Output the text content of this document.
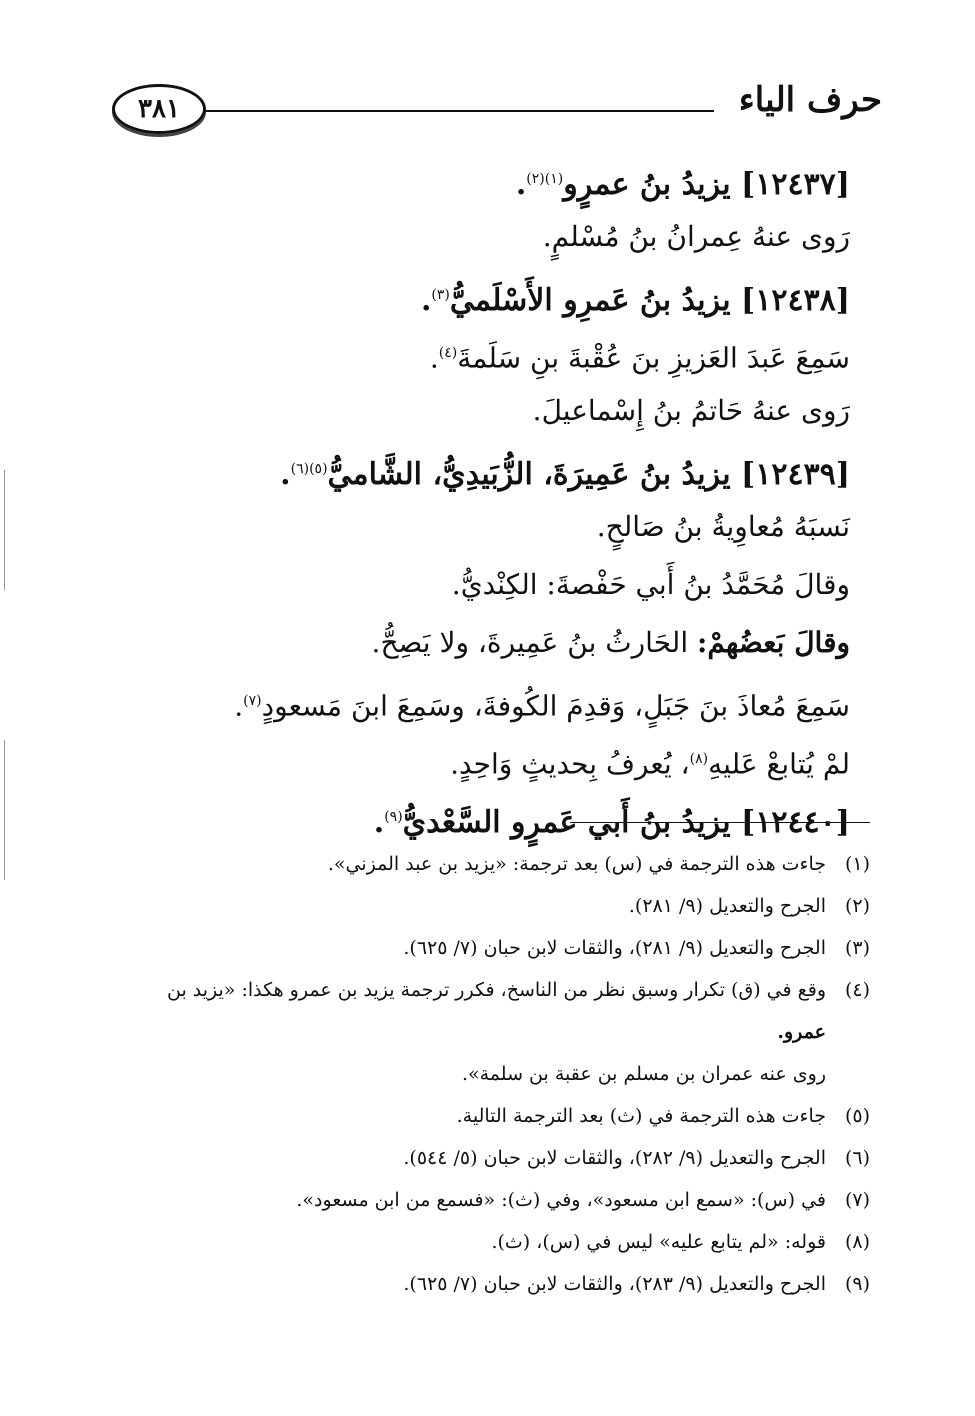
حرف الياء
٣٨١
[١٢٤٣٧] يزيدُ بنُ عمرٍو$^{(١)(٢)}$.
رَوى عنهُ عِمرانُ بنُ مُسْلمٍ.
[١٢٤٣٨] يزيدُ بنُ عَمرِو الأَسْلَميُّ$^{(٣)}$.
سَمِعَ عَبدَ العَزيزِ بنَ عُقْبةَ بنِ سَلَمةَ$^{(٤)}$.
رَوى عنهُ حَاتمُ بنُ إِسْماعيلَ.
[١٢٤٣٩] يزيدُ بنُ عَمِيرَةَ، الزُّبَيدِيُّ، الشَّاميُّ$^{(٥)(٦)}$.
نَسبَهُ مُعاوِيةُ بنُ صَالحٍ.
وقالَ مُحَمَّدُ بنُ أَبي حَفْصةَ: الكِنْديُّ.
وقالَ بَعضُهمْ: الحَارثُ بنُ عَمِيرةَ، ولا يَصِحُّ.
سَمِعَ مُعاذَ بنَ جَبَلٍ، وَقدِمَ الكُوفةَ، وسَمِعَ ابنَ مَسعودٍ$^{(٧)}$.
لمْ يُتابعْ عَليهِ$^{(٨)}$، يُعرفُ بِحديثٍ وَاحِدٍ.
[١٢٤٤٠] يزيدُ بنُ أَبي عَمرٍو السَّعْديُّ$^{(٩)}$.
(١)
جاءت هذه الترجمة في (س) بعد ترجمة: «يزيد بن عبد المزني».
(٢)
الجرح والتعديل (٩/ ٢٨١).
(٣)
الجرح والتعديل (٩/ ٢٨١)، والثقات لابن حبان (٧/ ٦٢٥).
(٤)
وقع في (ق) تكرار وسبق نظر من الناسخ، فكرر ترجمة يزيد بن عمرو هكذا: «يزيد بن
عمرو.
روى عنه عمران بن مسلم بن عقبة بن سلمة».
(٥)
جاءت هذه الترجمة في (ث) بعد الترجمة التالية.
(٦)
الجرح والتعديل (٩/ ٢٨٢)، والثقات لابن حبان (٥/ ٥٤٤).
(٧)
في (س): «سمع ابن مسعود»، وفي (ث): «فسمع من ابن مسعود».
(٨)
قوله: «لم يتابع عليه» ليس في (س)، (ث).
(٩)
الجرح والتعديل (٩/ ٢٨٣)، والثقات لابن حبان (٧/ ٦٢٥).
